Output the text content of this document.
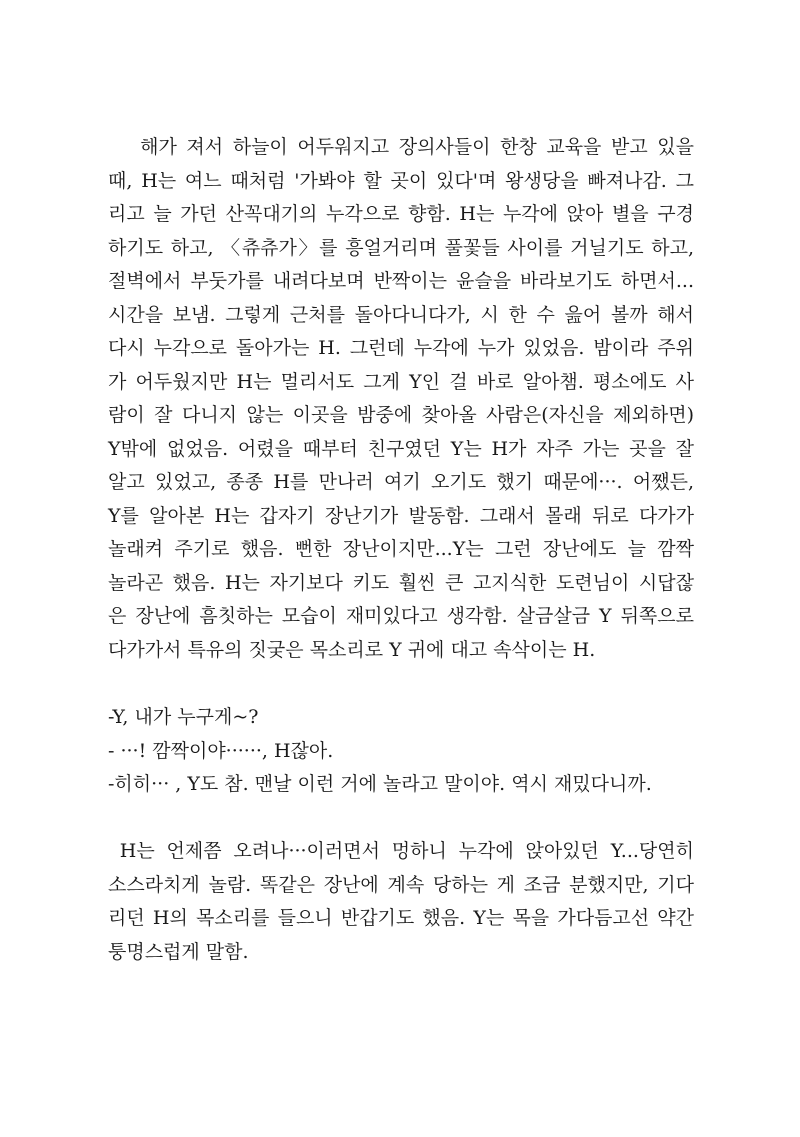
　 해가 져서 하늘이 어두워지고 장의사들이 한창 교육을 받고 있을
때, H는 여느 때처럼 '가봐야 할 곳이 있다'며 왕생당을 빠져나감. 그
리고 늘 가던 산꼭대기의 누각으로 향함. H는 누각에 앉아 별을 구경
하기도 하고, 〈츄츄가〉를 흥얼거리며 풀꽃들 사이를 거닐기도 하고,
절벽에서 부둣가를 내려다보며 반짝이는 윤슬을 바라보기도 하면서...
시간을 보냄. 그렇게 근처를 돌아다니다가, 시 한 수 읊어 볼까 해서
다시 누각으로 돌아가는 H. 그런데 누각에 누가 있었음. 밤이라 주위
가 어두웠지만 H는 멀리서도 그게 Y인 걸 바로 알아챔. 평소에도 사
람이 잘 다니지 않는 이곳을 밤중에 찾아올 사람은(자신을 제외하면)
Y밖에 없었음. 어렸을 때부터 친구였던 Y는 H가 자주 가는 곳을 잘
알고 있었고, 종종 H를 만나러 여기 오기도 했기 때문에···. 어쨌든,
Y를 알아본 H는 갑자기 장난기가 발동함. 그래서 몰래 뒤로 다가가
놀래켜 주기로 했음. 뻔한 장난이지만...Y는 그런 장난에도 늘 깜짝
놀라곤 했음. H는 자기보다 키도 훨씬 큰 고지식한 도련님이 시답잖
은 장난에 흠칫하는 모습이 재미있다고 생각함. 살금살금 Y 뒤쪽으로
다가가서 특유의 짓궂은 목소리로 Y 귀에 대고 속삭이는 H.
-Y, 내가 누구게~?
- ···! 깜짝이야······, H잖아.
-히히··· , Y도 참. 맨날 이런 거에 놀라고 말이야. 역시 재밌다니까.
H는 언제쯤 오려나···이러면서 멍하니 누각에 앉아있던 Y...당연히
소스라치게 놀람. 똑같은 장난에 계속 당하는 게 조금 분했지만, 기다
리던 H의 목소리를 들으니 반갑기도 했음. Y는 목을 가다듬고선 약간
퉁명스럽게 말함.
